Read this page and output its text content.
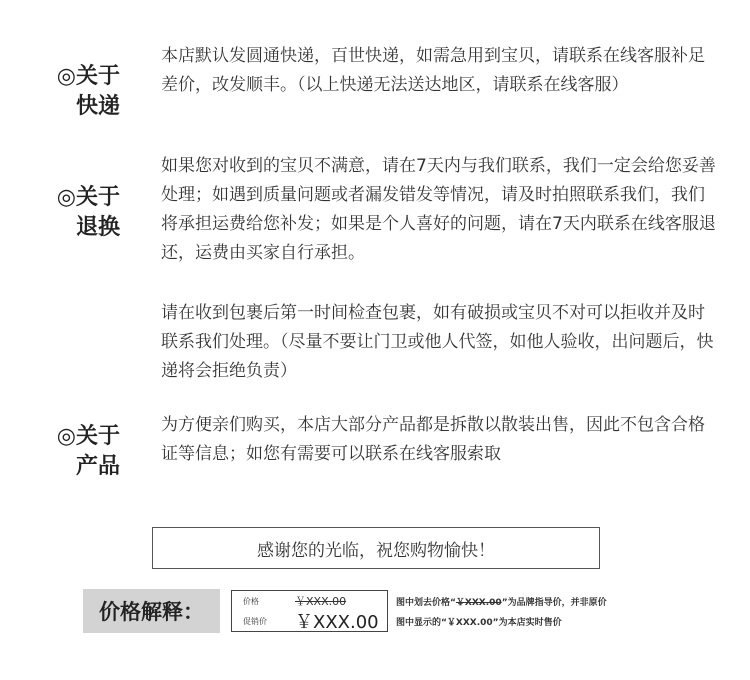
◎关于
快递

本店默认发圆通快递，百世快递，如需急用到宝贝，请联系在线客服补足差价，改发顺丰。（以上快递无法送达地区，请联系在线客服）

◎关于
退换

如果您对收到的宝贝不满意，请在7天内与我们联系，我们一定会给您妥善处理；如遇到质量问题或者漏发错发等情况，请及时拍照联系我们，我们将承担运费给您补发；如果是个人喜好的问题，请在7天内联系在线客服退还，运费由买家自行承担。

请在收到包裹后第一时间检查包裹，如有破损或宝贝不对可以拒收并及时联系我们处理。（尽量不要让门卫或他人代签，如他人验收，出问题后，快递将会拒绝负责）

◎关于
产品

为方便亲们购买，本店大部分产品都是拆散以散装出售，因此不包含合格证等信息；如您有需要可以联系在线客服索取

感谢您的光临，祝您购物愉快！
价格解释：	价格	￥XXX.00
促销价 ￥XXX.00
图中划去价格“￥XXX.00”为品牌指导价，并非原价
图中显示的“￥XXX.00”为本店实时售价
